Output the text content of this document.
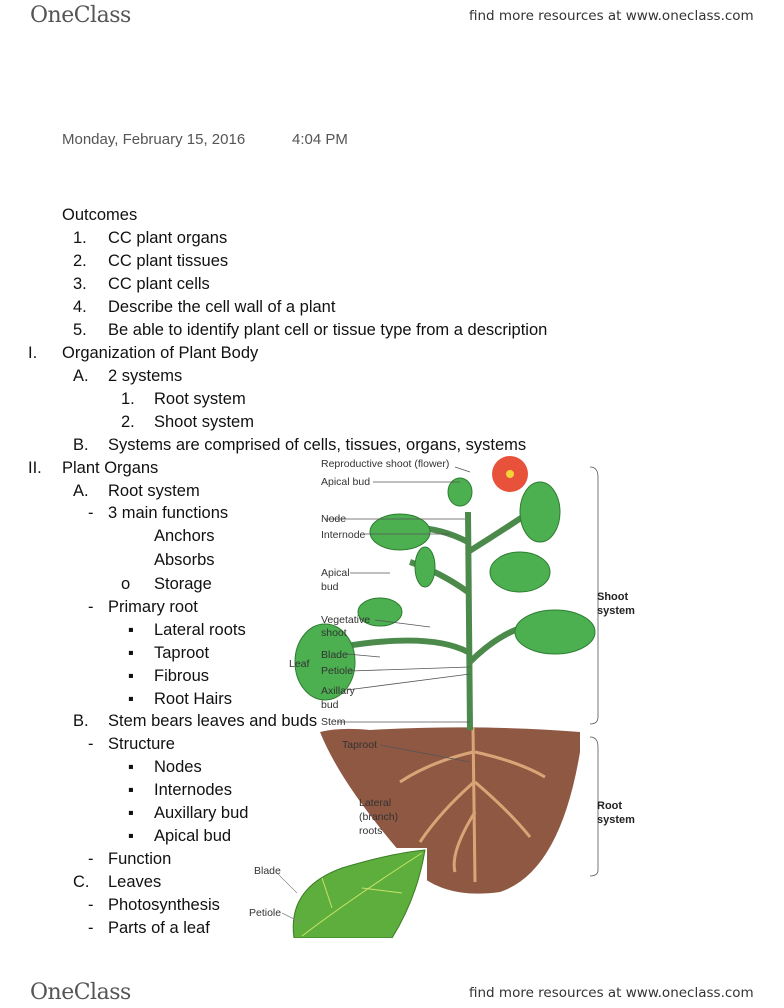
OneClass	find more resources at www.oneclass.com
Monday, February 15, 2016	4:04 PM
Outcomes
1. CC plant organs
2. CC plant tissues
3. CC plant cells
4. Describe the cell wall of a plant
5. Be able to identify plant cell or tissue type from a description
I. Organization of Plant Body
A. 2 systems
1. Root system
2. Shoot system
B. Systems are comprised of cells, tissues, organs, systems
II. Plant Organs
A. Root system
- 3 main functions
Anchors
Absorbs
o Storage
- Primary root
▪ Lateral roots
▪ Taproot
▪ Fibrous
▪ Root Hairs
B. Stem bears leaves and buds
- Structure
▪ Nodes
▪ Internodes
▪ Auxillary bud
▪ Apical bud
- Function
C. Leaves
- Photosynthesis
- Parts of a leaf
Reproductive shoot (flower)
Apical bud
Node
Internode
Apical
bud
Vegetative
shoot
Leaf
Blade
Petiole
Axillary
bud
Stem
Taproot
Lateral
(branch)
roots
Shoot
system
Root
system
Blade
Petiole
OneClass	find more resources at www.oneclass.com
